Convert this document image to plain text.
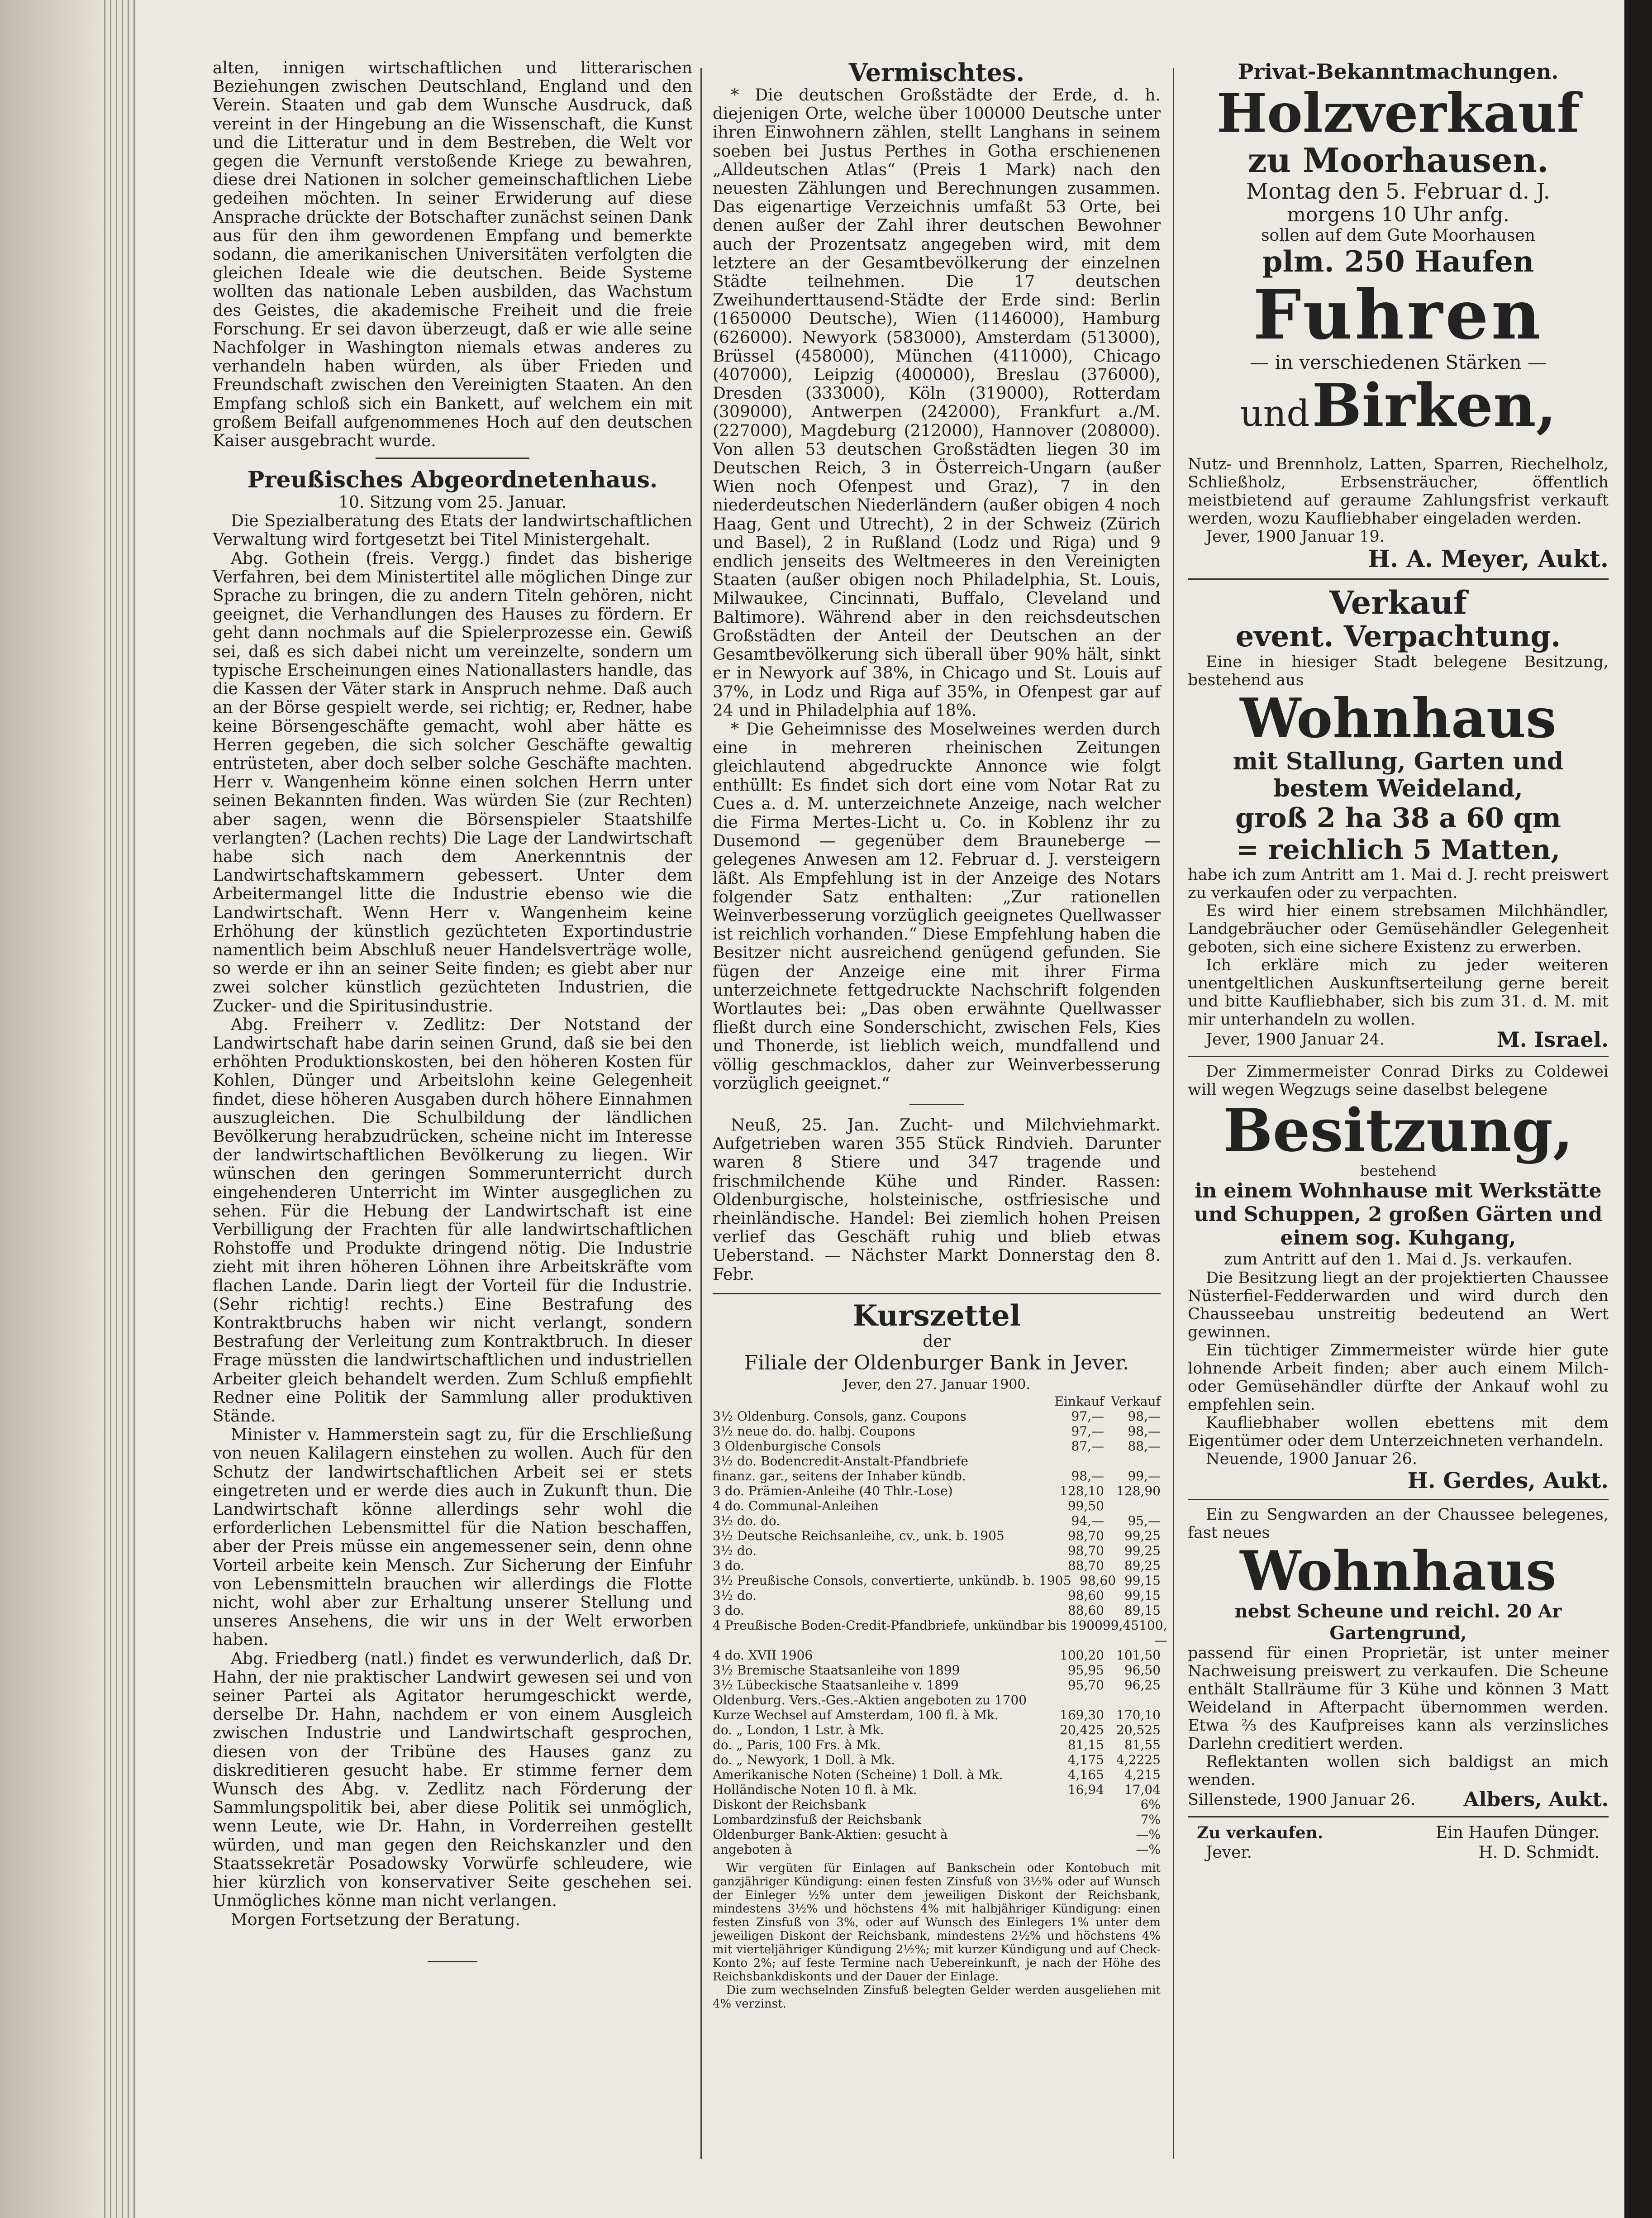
alten, innigen wirtschaftlichen und litterarischen Beziehungen zwischen Deutschland, England und den Verein. Staaten und gab dem Wunsche Ausdruck, daß vereint in der Hingebung an die Wissenschaft, die Kunst und die Litteratur und in dem Bestreben, die Welt vor gegen die Vernunft verstoßende Kriege zu bewahren, diese drei Nationen in solcher gemeinschaftlichen Liebe gedeihen möchten. In seiner Erwiderung auf diese Ansprache drückte der Botschafter zunächst seinen Dank aus für den ihm gewordenen Empfang und bemerkte sodann, die amerikanischen Universitäten verfolgten die gleichen Ideale wie die deutschen. Beide Systeme wollten das nationale Leben ausbilden, das Wachstum des Geistes, die akademische Freiheit und die freie Forschung. Er sei davon überzeugt, daß er wie alle seine Nachfolger in Washington niemals etwas anderes zu verhandeln haben würden, als über Frieden und Freundschaft zwischen den Vereinigten Staaten. An den Empfang schloß sich ein Bankett, auf welchem ein mit großem Beifall aufgenommenes Hoch auf den deutschen Kaiser ausgebracht wurde.

Preußisches Abgeordnetenhaus.
10. Sitzung vom 25. Januar.

Die Spezialberatung des Etats der landwirtschaftlichen Verwaltung wird fortgesetzt bei Titel Ministergehalt.

Abg. Gothein (freis. Vergg.) findet das bisherige Verfahren, bei dem Ministertitel alle möglichen Dinge zur Sprache zu bringen, die zu andern Titeln gehören, nicht geeignet, die Verhandlungen des Hauses zu fördern. Er geht dann nochmals auf die Spielerprozesse ein. Gewiß sei, daß es sich dabei nicht um vereinzelte, sondern um typische Erscheinungen eines Nationallasters handle, das die Kassen der Väter stark in Anspruch nehme. Daß auch an der Börse gespielt werde, sei richtig; er, Redner, habe keine Börsengeschäfte gemacht, wohl aber hätte es Herren gegeben, die sich solcher Geschäfte gewaltig entrüsteten, aber doch selber solche Geschäfte machten. Herr v. Wangenheim könne einen solchen Herrn unter seinen Bekannten finden. Was würden Sie (zur Rechten) aber sagen, wenn die Börsenspieler Staatshilfe verlangten? (Lachen rechts) Die Lage der Landwirtschaft habe sich nach dem Anerkenntnis der Landwirtschaftskammern gebessert. Unter dem Arbeitermangel litte die Industrie ebenso wie die Landwirtschaft. Wenn Herr v. Wangenheim keine Erhöhung der künstlich gezüchteten Exportindustrie namentlich beim Abschluß neuer Handelsverträge wolle, so werde er ihn an seiner Seite finden; es giebt aber nur zwei solcher künstlich gezüchteten Industrien, die Zucker- und die Spiritusindustrie.

Abg. Freiherr v. Zedlitz: Der Notstand der Landwirtschaft habe darin seinen Grund, daß sie bei den erhöhten Produktionskosten, bei den höheren Kosten für Kohlen, Dünger und Arbeitslohn keine Gelegenheit findet, diese höheren Ausgaben durch höhere Einnahmen auszugleichen. Die Schulbildung der ländlichen Bevölkerung herabzudrücken, scheine nicht im Interesse der landwirtschaftlichen Bevölkerung zu liegen. Wir wünschen den geringen Sommerunterricht durch eingehenderen Unterricht im Winter ausgeglichen zu sehen. Für die Hebung der Landwirtschaft ist eine Verbilligung der Frachten für alle landwirtschaftlichen Rohstoffe und Produkte dringend nötig. Die Industrie zieht mit ihren höheren Löhnen ihre Arbeitskräfte vom flachen Lande. Darin liegt der Vorteil für die Industrie. (Sehr richtig! rechts.) Eine Bestrafung des Kontraktbruchs haben wir nicht verlangt, sondern Bestrafung der Verleitung zum Kontraktbruch. In dieser Frage müssten die landwirtschaftlichen und industriellen Arbeiter gleich behandelt werden. Zum Schluß empfiehlt Redner eine Politik der Sammlung aller produktiven Stände.

Minister v. Hammerstein sagt zu, für die Erschließung von neuen Kalilagern einstehen zu wollen. Auch für den Schutz der landwirtschaftlichen Arbeit sei er stets eingetreten und er werde dies auch in Zukunft thun. Die Landwirtschaft könne allerdings sehr wohl die erforderlichen Lebensmittel für die Nation beschaffen, aber der Preis müsse ein angemessener sein, denn ohne Vorteil arbeite kein Mensch. Zur Sicherung der Einfuhr von Lebensmitteln brauchen wir allerdings die Flotte nicht, wohl aber zur Erhaltung unserer Stellung und unseres Ansehens, die wir uns in der Welt erworben haben.

Abg. Friedberg (natl.) findet es verwunderlich, daß Dr. Hahn, der nie praktischer Landwirt gewesen sei und von seiner Partei als Agitator herumgeschickt werde, derselbe Dr. Hahn, nachdem er von einem Ausgleich zwischen Industrie und Landwirtschaft gesprochen, diesen von der Tribüne des Hauses ganz zu diskreditieren gesucht habe. Er stimme ferner dem Wunsch des Abg. v. Zedlitz nach Förderung der Sammlungspolitik bei, aber diese Politik sei unmöglich, wenn Leute, wie Dr. Hahn, in Vorderreihen gestellt würden, und man gegen den Reichskanzler und den Staatssekretär Posadowsky Vorwürfe schleudere, wie hier kürzlich von konservativer Seite geschehen sei. Unmögliches könne man nicht verlangen.

Morgen Fortsetzung der Beratung.

Vermischtes.

* Die deutschen Großstädte der Erde, d. h. diejenigen Orte, welche über 100000 Deutsche unter ihren Einwohnern zählen, stellt Langhans in seinem soeben bei Justus Perthes in Gotha erschienenen „Alldeutschen Atlas“ (Preis 1 Mark) nach den neuesten Zählungen und Berechnungen zusammen. Das eigenartige Verzeichnis umfaßt 53 Orte, bei denen außer der Zahl ihrer deutschen Bewohner auch der Prozentsatz angegeben wird, mit dem letztere an der Gesamtbevölkerung der einzelnen Städte teilnehmen. Die 17 deutschen Zweihunderttausend-Städte der Erde sind: Berlin (1650000 Deutsche), Wien (1146000), Hamburg (626000). Newyork (583000), Amsterdam (513000), Brüssel (458000), München (411000), Chicago (407000), Leipzig (400000), Breslau (376000), Dresden (333000), Köln (319000), Rotterdam (309000), Antwerpen (242000), Frankfurt a./M. (227000), Magdeburg (212000), Hannover (208000). Von allen 53 deutschen Großstädten liegen 30 im Deutschen Reich, 3 in Österreich-Ungarn (außer Wien noch Ofenpest und Graz), 7 in den niederdeutschen Niederländern (außer obigen 4 noch Haag, Gent und Utrecht), 2 in der Schweiz (Zürich und Basel), 2 in Rußland (Lodz und Riga) und 9 endlich jenseits des Weltmeeres in den Vereinigten Staaten (außer obigen noch Philadelphia, St. Louis, Milwaukee, Cincinnati, Buffalo, Cleveland und Baltimore). Während aber in den reichsdeutschen Großstädten der Anteil der Deutschen an der Gesamtbevölkerung sich überall über 90% hält, sinkt er in Newyork auf 38%, in Chicago und St. Louis auf 37%, in Lodz und Riga auf 35%, in Ofenpest gar auf 24 und in Philadelphia auf 18%.

* Die Geheimnisse des Moselweines werden durch eine in mehreren rheinischen Zeitungen gleichlautend abgedruckte Annonce wie folgt enthüllt: Es findet sich dort eine vom Notar Rat zu Cues a. d. M. unterzeichnete Anzeige, nach welcher die Firma Mertes-Licht u. Co. in Koblenz ihr zu Dusemond — gegenüber dem Brauneberge — gelegenes Anwesen am 12. Februar d. J. versteigern läßt. Als Empfehlung ist in der Anzeige des Notars folgender Satz enthalten: „Zur rationellen Weinverbesserung vorzüglich geeignetes Quellwasser ist reichlich vorhanden.“ Diese Empfehlung haben die Besitzer nicht ausreichend genügend gefunden. Sie fügen der Anzeige eine mit ihrer Firma unterzeichnete fettgedruckte Nachschrift folgenden Wortlautes bei: „Das oben erwähnte Quellwasser fließt durch eine Sonderschicht, zwischen Fels, Kies und Thonerde, ist lieblich weich, mundfallend und völlig geschmacklos, daher zur Weinverbesserung vorzüglich geeignet.“

Neuß, 25. Jan. Zucht- und Milchviehmarkt. Aufgetrieben waren 355 Stück Rindvieh. Darunter waren 8 Stiere und 347 tragende und frischmilchende Kühe und Rinder. Rassen: Oldenburgische, holsteinische, ostfriesische und rheinländische. Handel: Bei ziemlich hohen Preisen verlief das Geschäft ruhig und blieb etwas Ueberstand. — Nächster Markt Donnerstag den 8. Febr.

Kurszettel
der
Filiale der Oldenburger Bank in Jever.
Jever, den 27. Januar 1900.
Einkauf Verkauf
3½ Oldenburg. Consols, ganz. Coupons	97,—	98,—
3½ neue do. do. halbj. Coupons	97,—	98,—
3 Oldenburgische Consols	87,—	88,—
3½ do. Bodencredit-Anstalt-Pfandbriefe
finanz. gar., seitens der Inhaber kündb.	98,—	99,—
3 do. Prämien-Anleihe (40 Thlr.-Lose)	128,10 128,90
4 do. Communal-Anleihen	99,50
3½ do. do.	94,—	95,—
3½ Deutsche Reichsanleihe, cv., unk. b. 1905	98,70	99,25
3½ do.	98,70	99,25
3 do.	88,70	89,25
3½ Preußische Consols, convertierte, unkündb. b. 1905 98,60 99,15
3½ do.	98,60	99,15
3 do.	88,60	89,15
4 Preußische Boden-Credit-Pfandbriefe, unkündbar bis 1900 99,45 100,—
4 do. XVII 1906	100,20 101,50
3½ Bremische Staatsanleihe von 1899	95,95	96,50
3½ Lübeckische Staatsanleihe v. 1899	95,70	96,25
Oldenburg. Vers.-Ges.-Aktien angeboten zu 1700
Kurze Wechsel auf Amsterdam, 100 fl. à Mk.	169,30 170,10
do. „ London, 1 Lstr. à Mk.	20,425 20,525
do. „ Paris, 100 Frs. à Mk.	81,15	81,55
do. „ Newyork, 1 Doll. à Mk.	4,175 4,2225
Amerikanische Noten (Scheine) 1 Doll. à Mk.	4,165	4,215
Holländische Noten 10 fl. à Mk.	16,94	17,04
Diskont der Reichsbank	6%
Lombardzinsfuß der Reichsbank	7%
Oldenburger Bank-Aktien: gesucht à	—%
angeboten à	—%

Wir vergüten für Einlagen auf Bankschein oder Kontobuch mit ganzjähriger Kündigung: einen festen Zinsfuß von 3½% oder auf Wunsch der Einleger ½% unter dem jeweiligen Diskont der Reichsbank, mindestens 3½% und höchstens 4% mit halbjähriger Kündigung: einen festen Zinsfuß von 3%, oder auf Wunsch des Einlegers 1% unter dem jeweiligen Diskont der Reichsbank, mindestens 2½% und höchstens 4% mit vierteljähriger Kündigung 2½%; mit kurzer Kündigung und auf Check-Konto 2%; auf feste Termine nach Uebereinkunft, je nach der Höhe des Reichsbankdiskonts und der Dauer der Einlage.

Die zum wechselnden Zinsfuß belegten Gelder werden ausgeliehen mit 4% verzinst.

Privat-Bekanntmachungen.
Holzverkauf
zu Moorhausen.
Montag den 5. Februar d. J.
morgens 10 Uhr anfg.
sollen auf dem Gute Moorhausen
plm. 250 Haufen
Fuhren
— in verschiedenen Stärken —
und Birken,

Nutz- und Brennholz, Latten, Sparren, Riechelholz, Schließholz, Erbsensträucher, öffentlich meistbietend auf geraume Zahlungsfrist verkauft werden, wozu Kaufliebhaber eingeladen werden.

Jever, 1900 Januar 19.

H. A. Meyer, Aukt.
Verkauf
event. Verpachtung.

Eine in hiesiger Stadt belegene Besitzung, bestehend aus

Wohnhaus
mit Stallung, Garten und
bestem Weideland,
groß 2 ha 38 a 60 qm
= reichlich 5 Matten,

habe ich zum Antritt am 1. Mai d. J. recht preiswert zu verkaufen oder zu verpachten.

Es wird hier einem strebsamen Milchhändler, Landgebräucher oder Gemüsehändler Gelegenheit geboten, sich eine sichere Existenz zu erwerben.

Ich erkläre mich zu jeder weiteren unentgeltlichen Auskunftserteilung gerne bereit und bitte Kaufliebhaber, sich bis zum 31. d. M. mit mir unterhandeln zu wollen.

Jever, 1900 Januar 24.	M. Israel.

Der Zimmermeister Conrad Dirks zu Coldewei will wegen Wegzugs seine daselbst belegene

Besitzung,
bestehend
in einem Wohnhause mit Werkstätte
und Schuppen, 2 großen Gärten und
einem sog. Kuhgang,
zum Antritt auf den 1. Mai d. Js. verkaufen.

Die Besitzung liegt an der projektierten Chaussee Nüsterfiel-Fedderwarden und wird durch den Chausseebau unstreitig bedeutend an Wert gewinnen.

Ein tüchtiger Zimmermeister würde hier gute lohnende Arbeit finden; aber auch einem Milch- oder Gemüsehändler dürfte der Ankauf wohl zu empfehlen sein.

Kaufliebhaber wollen ebettens mit dem Eigentümer oder dem Unterzeichneten verhandeln.

Neuende, 1900 Januar 26.

H. Gerdes, Aukt.

Ein zu Sengwarden an der Chaussee belegenes, fast neues

Wohnhaus
nebst Scheune und reichl. 20 Ar Gartengrund,

passend für einen Proprietär, ist unter meiner Nachweisung preiswert zu verkaufen. Die Scheune enthält Stallräume für 3 Kühe und können 3 Matt Weideland in Afterpacht übernommen werden. Etwa ⅔ des Kaufpreises kann als verzinsliches Darlehn creditiert werden.

Reflektanten wollen sich baldigst an mich wenden.

Sillenstede, 1900 Januar 26. Albers, Aukt.
Zu verkaufen.	Ein Haufen Dünger.
Jever.	H. D. Schmidt.
